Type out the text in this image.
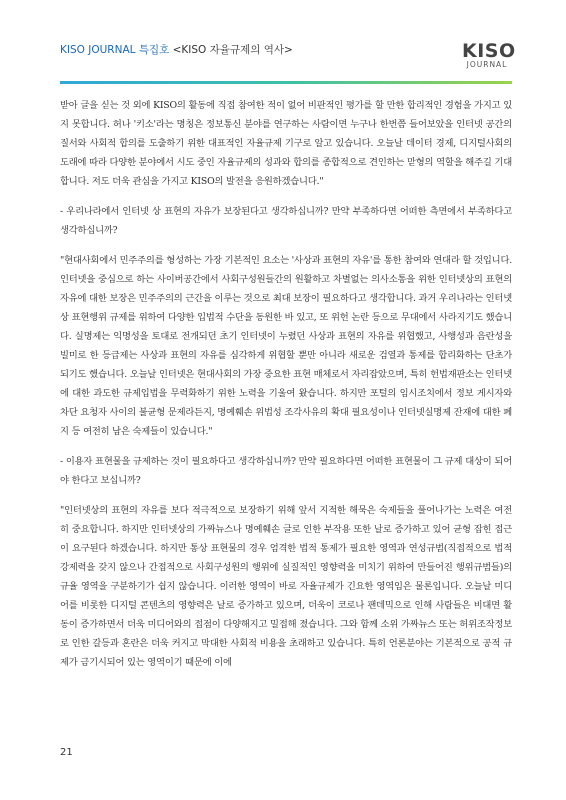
KISO JOURNAL 특집호 <KISO 자율규제의 역사>	KISO
JOURNAL

받아 글을 싣는 것 외에 KISO의 활동에 직접 참여한 적이 없어 비판적인 평가를 할 만한 합리적인 경험을 가지고 있지 못합니다. 허나 '키소'라는 명칭은 정보통신 분야를 연구하는 사람이면 누구나 한번쯤 들어보았을 인터넷 공간의 질서와 사회적 합의를 도출하기 위한 대표적인 자율규제 기구로 알고 있습니다. 오늘날 데이터 경제, 디지털사회의 도래에 따라 다양한 분야에서 시도 중인 자율규제의 성과와 합의를 종합적으로 견인하는 맏형의 역할을 해주길 기대합니다. 저도 더욱 관심을 가지고 KISO의 발전을 응원하겠습니다."

- 우리나라에서 인터넷 상 표현의 자유가 보장된다고 생각하십니까? 만약 부족하다면 어떠한 측면에서 부족하다고 생각하십니까?

"현대사회에서 민주주의를 형성하는 가장 기본적인 요소는 '사상과 표현의 자유'를 통한 참여와 연대라 할 것입니다. 인터넷을 중심으로 하는 사이버공간에서 사회구성원들간의 원활하고 차별없는 의사소통을 위한 인터넷상의 표현의 자유에 대한 보장은 민주주의의 근간을 이루는 것으로 최대 보장이 필요하다고 생각합니다. 과거 우리나라는 인터넷상 표현행위 규제를 위하여 다양한 입법적 수단을 동원한 바 있고, 또 위헌 논란 등으로 무대에서 사라지기도 했습니다. 실명제는 익명성을 토대로 전개되던 초기 인터넷이 누렸던 사상과 표현의 자유를 위협했고, 사행성과 음란성을 빌미로 한 등급제는 사상과 표현의 자유를 심각하게 위협할 뿐만 아니라 새로운 검열과 통제를 합리화하는 단초가 되기도 했습니다. 오늘날 인터넷은 현대사회의 가장 중요한 표현 매체로서 자리잡았으며, 특히 헌법재판소는 인터넷에 대한 과도한 규제입법을 무력화하기 위한 노력을 기울여 왔습니다. 하지만 포털의 임시조치에서 정보 게시자와 차단 요청자 사이의 불균형 문제라든지, 명예훼손 위법성 조각사유의 확대 필요성이나 인터넷실명제 잔재에 대한 폐지 등 여전히 남은 숙제들이 있습니다."

- 이용자 표현물을 규제하는 것이 필요하다고 생각하십니까? 만약 필요하다면 어떠한 표현물이 그 규제 대상이 되어야 한다고 보십니까?

"인터넷상의 표현의 자유를 보다 적극적으로 보장하기 위해 앞서 지적한 해묵은 숙제들을 풀어나가는 노력은 여전히 중요합니다. 하지만 인터넷상의 가짜뉴스나 명예훼손 글로 인한 부작용 또한 날로 증가하고 있어 균형 잡힌 접근이 요구된다 하겠습니다. 하지만 통상 표현물의 경우 엄격한 법적 통제가 필요한 영역과 연성규범(직접적으로 법적 강제력을 갖지 않으나 간접적으로 사회구성원의 행위에 실질적인 영향력을 미치기 위하여 만들어진 행위규범들)의 규율 영역을 구분하기가 쉽지 않습니다. 이러한 영역이 바로 자율규제가 긴요한 영역임은 물론입니다. 오늘날 미디어를 비롯한 디지털 콘텐츠의 영향력은 날로 증가하고 있으며, 더욱이 코로나 팬데믹으로 인해 사람들은 비대면 활동이 증가하면서 더욱 미디어와의 접점이 다양해지고 밀접해 졌습니다. 그와 함께 소위 가짜뉴스 또는 허위조작정보로 인한 갈등과 혼란은 더욱 커지고 막대한 사회적 비용을 초래하고 있습니다. 특히 언론분야는 기본적으로 공적 규제가 금기시되어 있는 영역이기 때문에 이에

21
